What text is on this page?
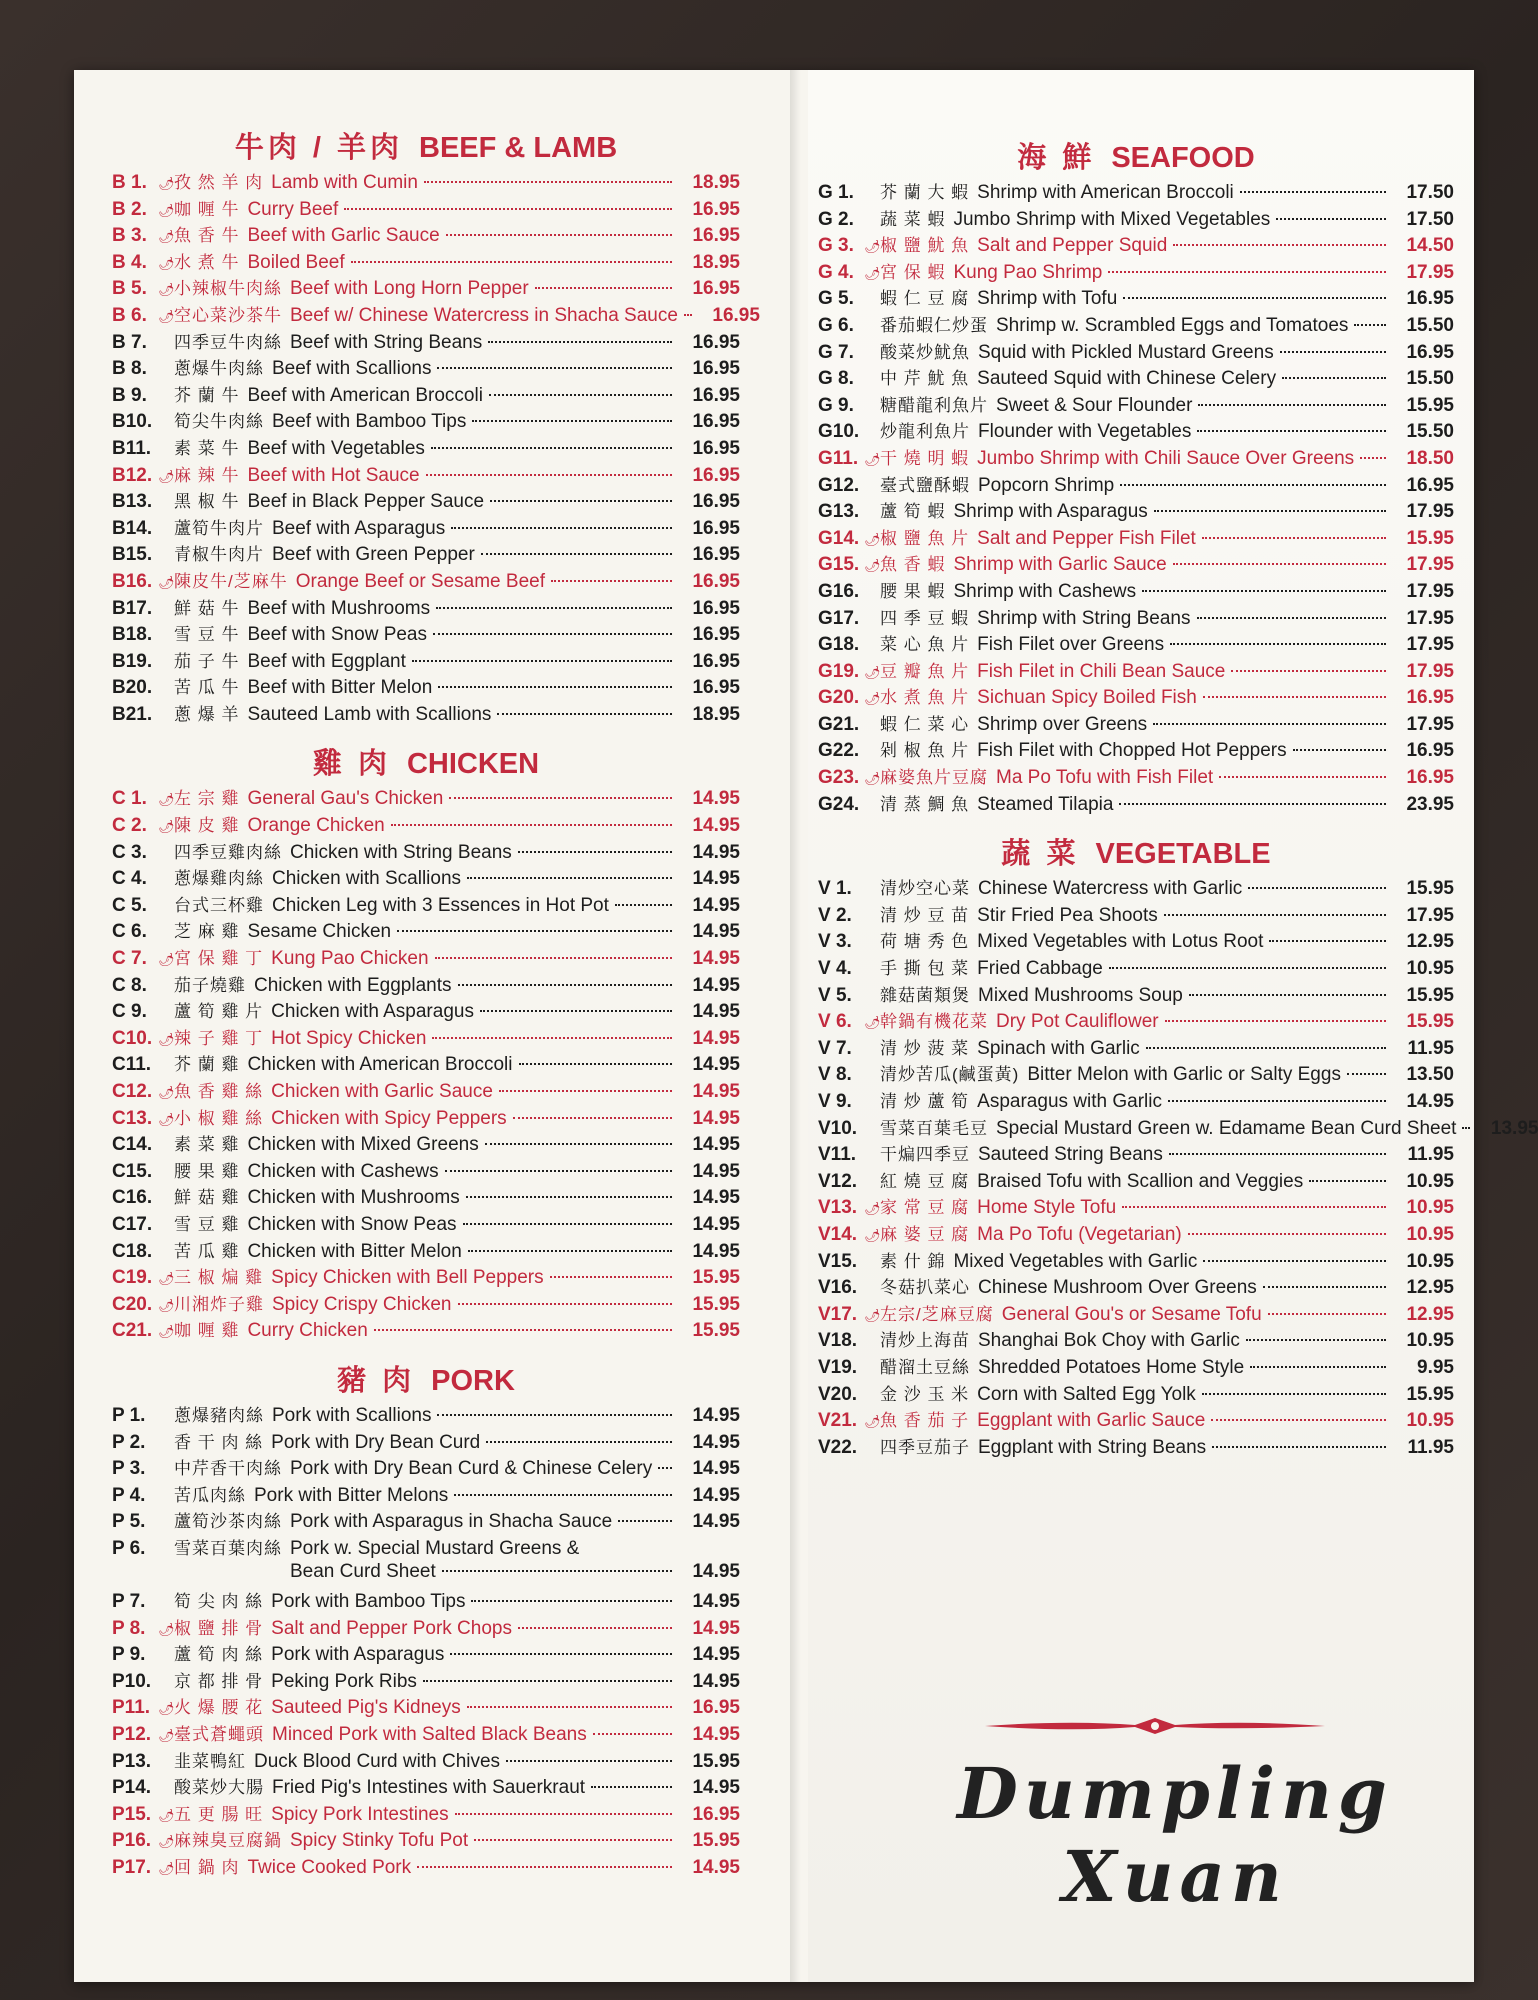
牛肉 / 羊肉 BEEF & LAMB
B 1. 🌶 孜 然 羊 肉 Lamb with Cumin	18.95
B 2. 🌶 咖 喱 牛 Curry Beef	16.95
B 3. 🌶 魚 香 牛 Beef with Garlic Sauce	16.95
B 4. 🌶 水 煮 牛 Boiled Beef	18.95
B 5. 🌶 小辣椒牛肉絲 Beef with Long Horn Pepper	16.95
B 6. 🌶 空心菜沙茶牛 Beef w/ Chinese Watercress in Shacha Sauce	16.95
B 7.	四季豆牛肉絲 Beef with String Beans	16.95
B 8.	蔥爆牛肉絲 Beef with Scallions	16.95
B 9.	芥 蘭 牛 Beef with American Broccoli	16.95
B10.	筍尖牛肉絲 Beef with Bamboo Tips	16.95
B11.	素 菜 牛 Beef with Vegetables	16.95
B12. 🌶 麻 辣 牛 Beef with Hot Sauce	16.95
B13.	黑 椒 牛 Beef in Black Pepper Sauce	16.95
B14.	蘆筍牛肉片 Beef with Asparagus	16.95
B15.	青椒牛肉片 Beef with Green Pepper	16.95
B16. 🌶 陳皮牛/芝麻牛 Orange Beef or Sesame Beef	16.95
B17.	鮮 菇 牛 Beef with Mushrooms	16.95
B18.	雪 豆 牛 Beef with Snow Peas	16.95
B19.	茄 子 牛 Beef with Eggplant	16.95
B20.	苦 瓜 牛 Beef with Bitter Melon	16.95
B21.	蔥 爆 羊 Sauteed Lamb with Scallions	18.95
雞 肉 CHICKEN
C 1. 🌶 左 宗 雞 General Gau's Chicken	14.95
C 2. 🌶 陳 皮 雞 Orange Chicken	14.95
C 3.	四季豆雞肉絲 Chicken with String Beans	14.95
C 4.	蔥爆雞肉絲 Chicken with Scallions	14.95
C 5.	台式三杯雞 Chicken Leg with 3 Essences in Hot Pot	14.95
C 6.	芝 麻 雞 Sesame Chicken	14.95
C 7. 🌶 宮 保 雞 丁 Kung Pao Chicken	14.95
C 8.	茄子燒雞 Chicken with Eggplants	14.95
C 9.	蘆 筍 雞 片 Chicken with Asparagus	14.95
C10. 🌶 辣 子 雞 丁 Hot Spicy Chicken	14.95
C11.	芥 蘭 雞 Chicken with American Broccoli	14.95
C12. 🌶 魚 香 雞 絲 Chicken with Garlic Sauce	14.95
C13. 🌶 小 椒 雞 絲 Chicken with Spicy Peppers	14.95
C14.	素 菜 雞 Chicken with Mixed Greens	14.95
C15.	腰 果 雞 Chicken with Cashews	14.95
C16.	鮮 菇 雞 Chicken with Mushrooms	14.95
C17.	雪 豆 雞 Chicken with Snow Peas	14.95
C18.	苦 瓜 雞 Chicken with Bitter Melon	14.95
C19. 🌶 三 椒 煸 雞 Spicy Chicken with Bell Peppers	15.95
C20. 🌶 川湘炸子雞 Spicy Crispy Chicken	15.95
C21. 🌶 咖 喱 雞 Curry Chicken	15.95
豬 肉 PORK
P 1.	蔥爆豬肉絲 Pork with Scallions	14.95
P 2.	香 干 肉 絲 Pork with Dry Bean Curd	14.95
P 3.	中芹香干肉絲 Pork with Dry Bean Curd & Chinese Celery	14.95
P 4.	苦瓜肉絲 Pork with Bitter Melons	14.95
P 5.	蘆筍沙茶肉絲 Pork with Asparagus in Shacha Sauce	14.95
P 6.	雪菜百葉肉絲 Pork w. Special Mustard Greens &
Bean Curd Sheet	14.95
P 7.	筍 尖 肉 絲 Pork with Bamboo Tips	14.95
P 8. 🌶 椒 鹽 排 骨 Salt and Pepper Pork Chops	14.95
P 9.	蘆 筍 肉 絲 Pork with Asparagus	14.95
P10.	京 都 排 骨 Peking Pork Ribs	14.95
P11. 🌶 火 爆 腰 花 Sauteed Pig's Kidneys	16.95
P12. 🌶 臺式蒼蠅頭 Minced Pork with Salted Black Beans	14.95
P13.	韭菜鴨紅 Duck Blood Curd with Chives	15.95
P14.	酸菜炒大腸 Fried Pig's Intestines with Sauerkraut	14.95
P15. 🌶 五 更 腸 旺 Spicy Pork Intestines	16.95
P16. 🌶 麻辣臭豆腐鍋 Spicy Stinky Tofu Pot	15.95
P17. 🌶 回 鍋 肉 Twice Cooked Pork	14.95
海 鮮 SEAFOOD
G 1.	芥 蘭 大 蝦 Shrimp with American Broccoli	17.50
G 2.	蔬 菜 蝦 Jumbo Shrimp with Mixed Vegetables	17.50
G 3. 🌶 椒 鹽 魷 魚 Salt and Pepper Squid	14.50
G 4. 🌶 宮 保 蝦 Kung Pao Shrimp	17.95
G 5.	蝦 仁 豆 腐 Shrimp with Tofu	16.95
G 6.	番茄蝦仁炒蛋 Shrimp w. Scrambled Eggs and Tomatoes	15.50
G 7.	酸菜炒魷魚 Squid with Pickled Mustard Greens	16.95
G 8.	中 芹 魷 魚 Sauteed Squid with Chinese Celery	15.50
G 9.	糖醋龍利魚片 Sweet & Sour Flounder	15.95
G10. 炒龍利魚片 Flounder with Vegetables	15.50
G11. 🌶 干 燒 明 蝦 Jumbo Shrimp with Chili Sauce Over Greens	18.50
G12. 臺式鹽酥蝦 Popcorn Shrimp	16.95
G13. 蘆 筍 蝦 Shrimp with Asparagus	17.95
G14. 🌶 椒 鹽 魚 片 Salt and Pepper Fish Filet	15.95
G15. 🌶 魚 香 蝦 Shrimp with Garlic Sauce	17.95
G16. 腰 果 蝦 Shrimp with Cashews	17.95
G17. 四 季 豆 蝦 Shrimp with String Beans	17.95
G18. 菜 心 魚 片 Fish Filet over Greens	17.95
G19. 🌶 豆 瓣 魚 片 Fish Filet in Chili Bean Sauce	17.95
G20. 🌶 水 煮 魚 片 Sichuan Spicy Boiled Fish	16.95
G21. 蝦 仁 菜 心 Shrimp over Greens	17.95
G22. 剁 椒 魚 片 Fish Filet with Chopped Hot Peppers	16.95
G23. 🌶 麻婆魚片豆腐 Ma Po Tofu with Fish Filet	16.95
G24. 清 蒸 鯛 魚 Steamed Tilapia	23.95
蔬 菜 VEGETABLE
V 1.	清炒空心菜 Chinese Watercress with Garlic	15.95
V 2.	清 炒 豆 苗 Stir Fried Pea Shoots	17.95
V 3.	荷 塘 秀 色 Mixed Vegetables with Lotus Root	12.95
V 4.	手 撕 包 菜 Fried Cabbage	10.95
V 5.	雜菇菌類煲 Mixed Mushrooms Soup	15.95
V 6. 🌶 幹鍋有機花菜 Dry Pot Cauliflower	15.95
V 7.	清 炒 菠 菜 Spinach with Garlic	11.95
V 8.	清炒苦瓜(鹹蛋黃) Bitter Melon with Garlic or Salty Eggs	13.50
V 9.	清 炒 蘆 筍 Asparagus with Garlic	14.95
V10.	雪菜百葉毛豆 Special Mustard Green w. Edamame Bean Curd Sheet	13.95
V11.	干煸四季豆 Sauteed String Beans	11.95
V12.	紅 燒 豆 腐 Braised Tofu with Scallion and Veggies	10.95
V13. 🌶 家 常 豆 腐 Home Style Tofu	10.95
V14. 🌶 麻 婆 豆 腐 Ma Po Tofu (Vegetarian)	10.95
V15.	素 什 錦 Mixed Vegetables with Garlic	10.95
V16.	冬菇扒菜心 Chinese Mushroom Over Greens	12.95
V17. 🌶 左宗/芝麻豆腐 General Gou's or Sesame Tofu	12.95
V18.	清炒上海苗 Shanghai Bok Choy with Garlic	10.95
V19.	醋溜土豆絲 Shredded Potatoes Home Style	9.95
V20.	金 沙 玉 米 Corn with Salted Egg Yolk	15.95
V21. 🌶 魚 香 茄 子 Eggplant with Garlic Sauce	10.95
V22.	四季豆茄子 Eggplant with String Beans	11.95
Dumpling Xuan
